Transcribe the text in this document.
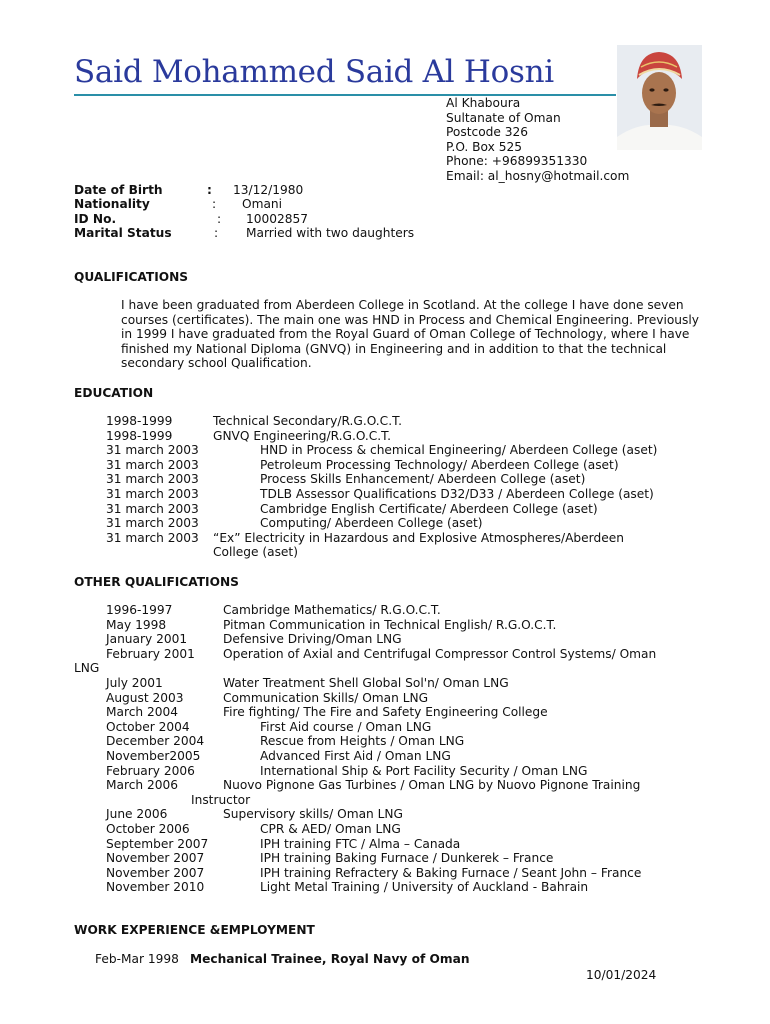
Said Mohammed Said Al Hosni
Al Khaboura
Sultanate of Oman
Postcode 326
P.O. Box 525
Phone: +96899351330
Email: al_hosny@hotmail.com
Date of Birth	: 13/12/1980
Nationality	: Omani
ID No.	: 10002857
Marital Status	: Married with two daughters
QUALIFICATIONS
I have been graduated from Aberdeen College in Scotland. At the college I have done seven courses (certificates). The main one was HND in Process and Chemical Engineering. Previously in 1999 I have graduated from the Royal Guard of Oman College of Technology, where I have finished my National Diploma (GNVQ) in Engineering and in addition to that the technical secondary school Qualification.
EDUCATION
1998-1999	Technical Secondary/R.G.O.C.T.
1998-1999	GNVQ Engineering/R.G.O.C.T.
31 march 2003	HND in Process & chemical Engineering/ Aberdeen College (aset)
31 march 2003	Petroleum Processing Technology/ Aberdeen College (aset)
31 march 2003	Process Skills Enhancement/ Aberdeen College (aset)
31 march 2003	TDLB Assessor Qualifications D32/D33 / Aberdeen College (aset)
31 march 2003	Cambridge English Certificate/ Aberdeen College (aset)
31 march 2003	Computing/ Aberdeen College (aset)
31 march 2003 “Ex” Electricity in Hazardous and Explosive Atmospheres/Aberdeen
College (aset)
OTHER QUALIFICATIONS
1996-1997	Cambridge Mathematics/ R.G.O.C.T.
May 1998	Pitman Communication in Technical English/ R.G.O.C.T.
January 2001	Defensive Driving/Oman LNG
February 2001 Operation of Axial and Centrifugal Compressor Control Systems/ Oman
LNG
July 2001	Water Treatment Shell Global Sol'n/ Oman LNG
August 2003	Communication Skills/ Oman LNG
March 2004	Fire fighting/ The Fire and Safety Engineering College
October 2004	First Aid course / Oman LNG
December 2004	Rescue from Heights / Oman LNG
November2005	Advanced First Aid / Oman LNG
February 2006	International Ship & Port Facility Security / Oman LNG
March 2006	Nuovo Pignone Gas Turbines / Oman LNG by Nuovo Pignone Training
Instructor
June 2006	Supervisory skills/ Oman LNG
October 2006	CPR & AED/ Oman LNG
September 2007	IPH training FTC / Alma – Canada
November 2007	IPH training Baking Furnace / Dunkerek – France
November 2007	IPH training Refractery & Baking Furnace / Seant John – France
November 2010	Light Metal Training / University of Auckland - Bahrain
WORK EXPERIENCE &EMPLOYMENT
Feb-Mar 1998 Mechanical Trainee, Royal Navy of Oman
10/01/2024
